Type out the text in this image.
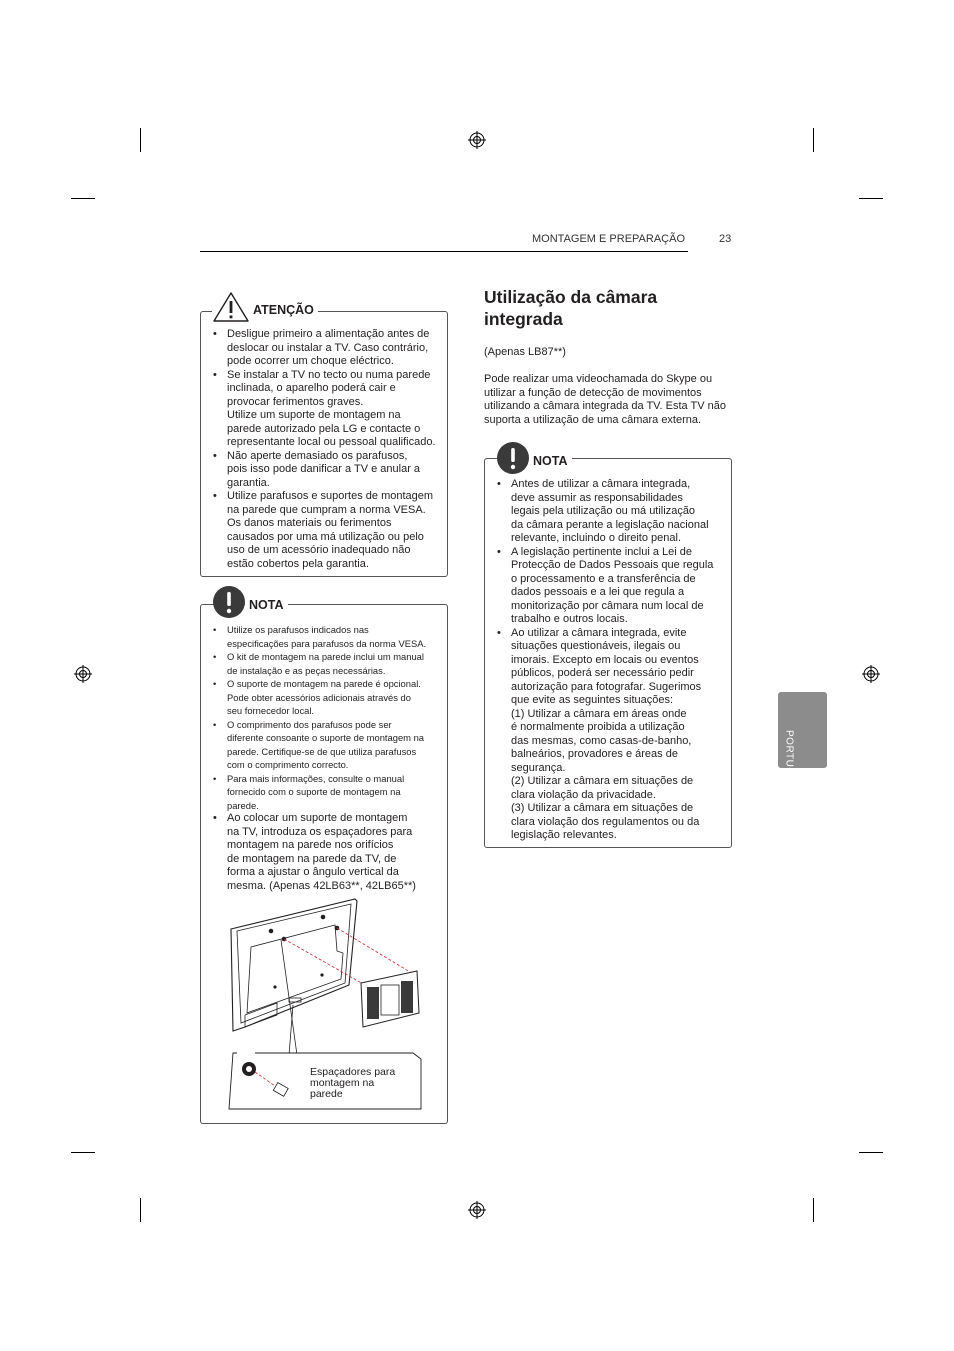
MONTAGEM E PREPARAÇÃO	23
PORTUGUÊS
ATENÇÃO
• Desligue primeiro a alimentação antes de
deslocar ou instalar a TV. Caso contrário,
pode ocorrer um choque eléctrico.
• Se instalar a TV no tecto ou numa parede
inclinada, o aparelho poderá cair e
provocar ferimentos graves.
Utilize um suporte de montagem na
parede autorizado pela LG e contacte o
representante local ou pessoal qualificado.
• Não aperte demasiado os parafusos,
pois isso pode danificar a TV e anular a
garantia.
• Utilize parafusos e suportes de montagem
na parede que cumpram a norma VESA.
Os danos materiais ou ferimentos
causados por uma má utilização ou pelo
uso de um acessório inadequado não
estão cobertos pela garantia.
NOTA
• Utilize os parafusos indicados nas
especificações para parafusos da norma VESA.
• O kit de montagem na parede inclui um manual
de instalação e as peças necessárias.
• O suporte de montagem na parede é opcional.
Pode obter acessórios adicionais através do
seu fornecedor local.
• O comprimento dos parafusos pode ser
diferente consoante o suporte de montagem na
parede. Certifique-se de que utiliza parafusos
com o comprimento correcto.
• Para mais informações, consulte o manual
fornecido com o suporte de montagem na
parede.
• Ao colocar um suporte de montagem
na TV, introduza os espaçadores para
montagem na parede nos orifícios
de montagem na parede da TV, de
forma a ajustar o ângulo vertical da
mesma. (Apenas 42LB63**, 42LB65**)
Espaçadores para
montagem na
parede
Utilização da câmara
integrada
(Apenas LB87**)
Pode realizar uma videochamada do Skype ou
utilizar a função de detecção de movimentos
utilizando a câmara integrada da TV. Esta TV não
suporta a utilização de uma câmara externa.
NOTA
• Antes de utilizar a câmara integrada,
deve assumir as responsabilidades
legais pela utilização ou má utilização
da câmara perante a legislação nacional
relevante, incluindo o direito penal.
• A legislação pertinente inclui a Lei de
Protecção de Dados Pessoais que regula
o processamento e a transferência de
dados pessoais e a lei que regula a
monitorização por câmara num local de
trabalho e outros locais.
• Ao utilizar a câmara integrada, evite
situações questionáveis, ilegais ou
imorais. Excepto em locais ou eventos
públicos, poderá ser necessário pedir
autorização para fotografar. Sugerimos
que evite as seguintes situações:
(1) Utilizar a câmara em áreas onde
é normalmente proibida a utilização
das mesmas, como casas-de-banho,
balneários, provadores e áreas de
segurança.
(2) Utilizar a câmara em situações de
clara violação da privacidade.
(3) Utilizar a câmara em situações de
clara violação dos regulamentos ou da
legislação relevantes.
